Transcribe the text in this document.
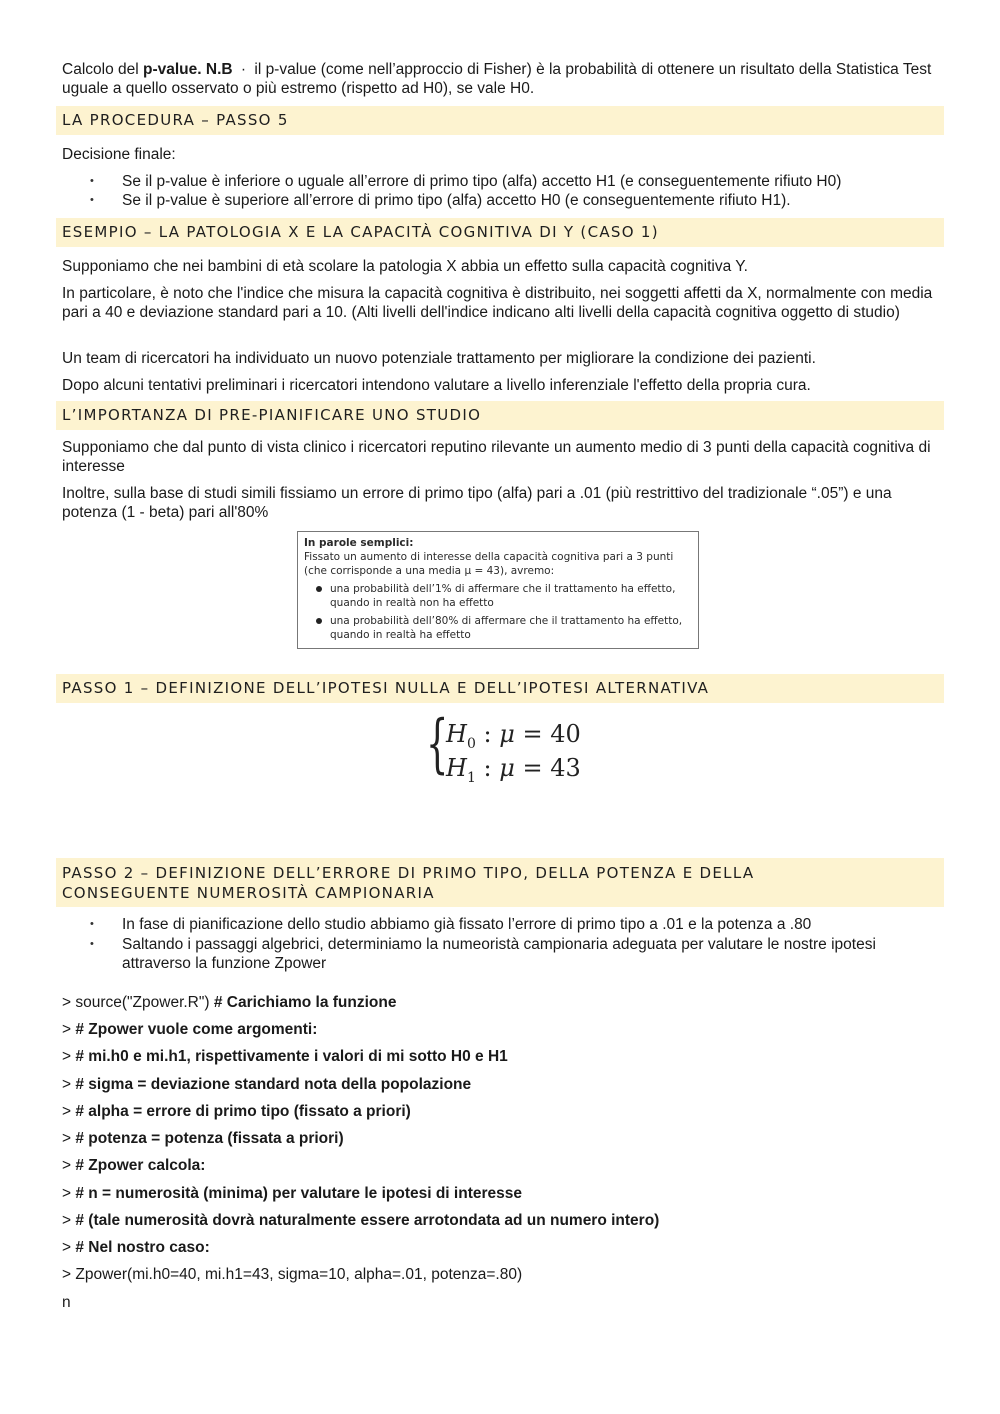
Calcolo del p-value. N.B · il p-value (come nell’approccio di Fisher) è la probabilità di ottenere un risultato della Statistica Test uguale a quello osservato o più estremo (rispetto ad H0), se vale H0.
LA PROCEDURA – PASSO 5
Decisione finale:
• Se il p-value è inferiore o uguale all’errore di primo tipo (alfa) accetto H1 (e conseguentemente rifiuto H0)
• Se il p-value è superiore all’errore di primo tipo (alfa) accetto H0 (e conseguentemente rifiuto H1).
ESEMPIO – LA PATOLOGIA X E LA CAPACITÀ COGNITIVA DI Y (CASO 1)
Supponiamo che nei bambini di età scolare la patologia X abbia un effetto sulla capacità cognitiva Y.
In particolare, è noto che l'indice che misura la capacità cognitiva è distribuito, nei soggetti affetti da X, normalmente con media pari a 40 e deviazione standard pari a 10. (Alti livelli dell'indice indicano alti livelli della capacità cognitiva oggetto di studio)
Un team di ricercatori ha individuato un nuovo potenziale trattamento per migliorare la condizione dei pazienti.
Dopo alcuni tentativi preliminari i ricercatori intendono valutare a livello inferenziale l'effetto della propria cura.
L’IMPORTANZA DI PRE-PIANIFICARE UNO STUDIO
Supponiamo che dal punto di vista clinico i ricercatori reputino rilevante un aumento medio di 3 punti della capacità cognitiva di interesse
Inoltre, sulla base di studi simili fissiamo un errore di primo tipo (alfa) pari a .01 (più restrittivo del tradizionale “.05”) e una potenza (1 - beta) pari all'80%
In parole semplici:
Fissato un aumento di interesse della capacità cognitiva pari a 3 punti (che corrisponde a una media μ = 43), avremo:
una probabilità dell’1% di affermare che il trattamento ha effetto, quando in realtà non ha effetto
una probabilità dell’80% di affermare che il trattamento ha effetto, quando in realtà ha effetto
PASSO 1 – DEFINIZIONE DELL’IPOTESI NULLA E DELL’IPOTESI ALTERNATIVA
{
$H_0$ : μ = 40
$H_1$ : μ = 43
PASSO 2 – DEFINIZIONE DELL’ERRORE DI PRIMO TIPO, DELLA POTENZA E DELLA
CONSEGUENTE NUMEROSITÀ CAMPIONARIA
• In fase di pianificazione dello studio abbiamo già fissato l’errore di primo tipo a .01 e la potenza a .80
• Saltando i passaggi algebrici, determiniamo la numeoristà campionaria adeguata per valutare le nostre ipotesi attraverso la funzione Zpower
> source("Zpower.R") # Carichiamo la funzione
> # Zpower vuole come argomenti:
> # mi.h0 e mi.h1, rispettivamente i valori di mi sotto H0 e H1
> # sigma = deviazione standard nota della popolazione
> # alpha = errore di primo tipo (fissato a priori)
> # potenza = potenza (fissata a priori)
> # Zpower calcola:
> # n = numerosità (minima) per valutare le ipotesi di interesse
> # (tale numerosità dovrà naturalmente essere arrotondata ad un numero intero)
> # Nel nostro caso:
> Zpower(mi.h0=40, mi.h1=43, sigma=10, alpha=.01, potenza=.80)
n
